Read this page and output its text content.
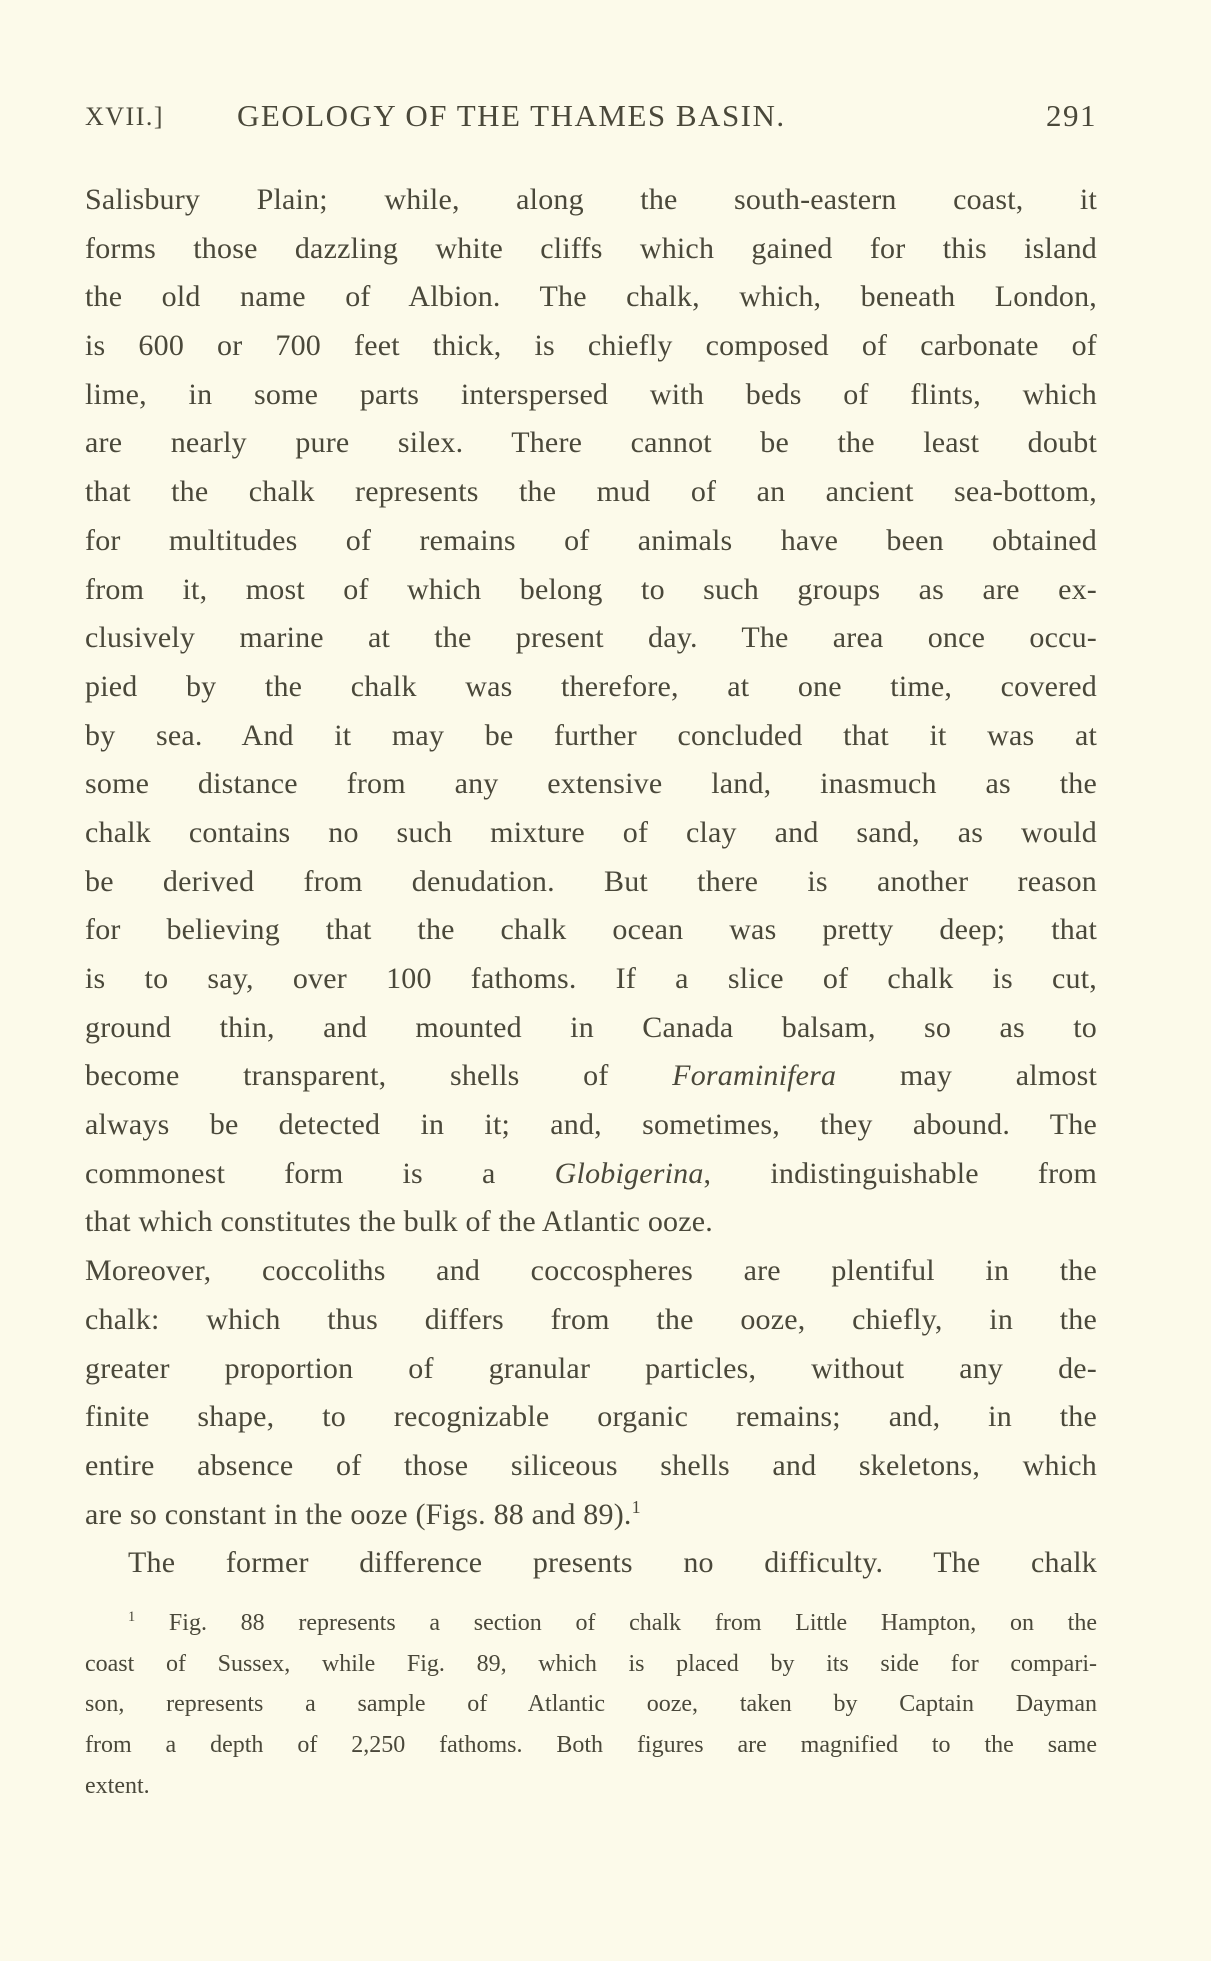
XVII.] GEOLOGY OF THE THAMES BASIN.	291
Salisbury Plain; while, along the south-eastern coast, it
forms those dazzling white cliffs which gained for this island
the old name of Albion. The chalk, which, beneath London,
is 600 or 700 feet thick, is chiefly composed of carbonate of
lime, in some parts interspersed with beds of flints, which
are nearly pure silex. There cannot be the least doubt
that the chalk represents the mud of an ancient sea-bottom,
for multitudes of remains of animals have been obtained
from it, most of which belong to such groups as are ex-
clusively marine at the present day. The area once occu-
pied by the chalk was therefore, at one time, covered
by sea. And it may be further concluded that it was at
some distance from any extensive land, inasmuch as the
chalk contains no such mixture of clay and sand, as would
be derived from denudation. But there is another reason
for believing that the chalk ocean was pretty deep; that
is to say, over 100 fathoms. If a slice of chalk is cut,
ground thin, and mounted in Canada balsam, so as to
become transparent, shells of Foraminifera may almost
always be detected in it; and, sometimes, they abound. The
commonest form is a Globigerina, indistinguishable from
that which constitutes the bulk of the Atlantic ooze.
Moreover, coccoliths and coccospheres are plentiful in the
chalk: which thus differs from the ooze, chiefly, in the
greater proportion of granular particles, without any de-
finite shape, to recognizable organic remains; and, in the
entire absence of those siliceous shells and skeletons, which
are so constant in the ooze (Figs. 88 and 89).$^1$
The former difference presents no difficulty. The chalk
$^1$ Fig. 88 represents a section of chalk from Little Hampton, on the
coast of Sussex, while Fig. 89, which is placed by its side for compari-
son, represents a sample of Atlantic ooze, taken by Captain Dayman
from a depth of 2,250 fathoms. Both figures are magnified to the same
extent.
